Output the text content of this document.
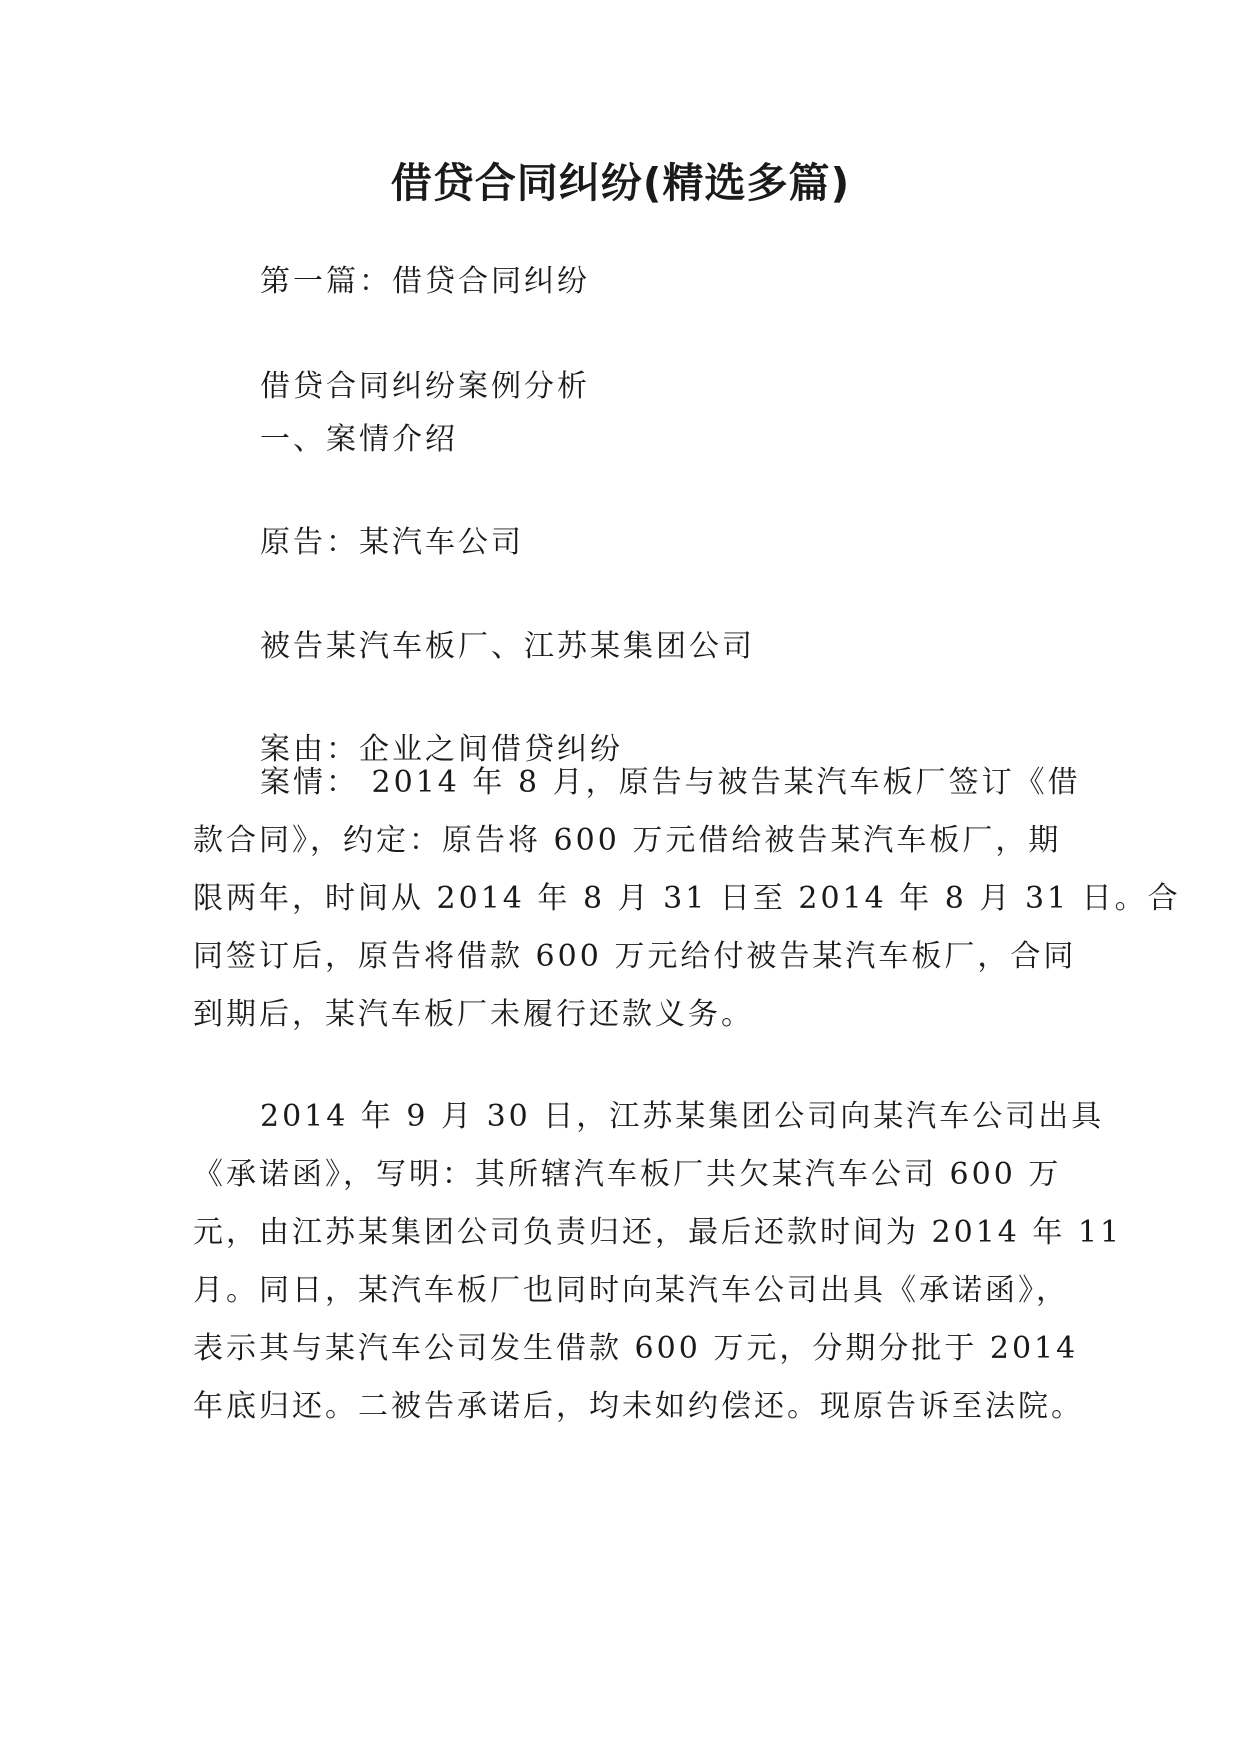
借贷合同纠纷(精选多篇)

第一篇：借贷合同纠纷

借贷合同纠纷案例分析

一、案情介绍

原告：某汽车公司

被告某汽车板厂、江苏某集团公司

案由：企业之间借贷纠纷

案情： 2014 年 8 月，原告与被告某汽车板厂签订《借
款合同》，约定：原告将 600 万元借给被告某汽车板厂，期
限两年，时间从 2014 年 8 月 31 日至 2014 年 8 月 31 日。合
同签订后，原告将借款 600 万元给付被告某汽车板厂，合同
到期后，某汽车板厂未履行还款义务。
2014 年 9 月 30 日，江苏某集团公司向某汽车公司出具
《承诺函》，写明：其所辖汽车板厂共欠某汽车公司 600 万
元，由江苏某集团公司负责归还，最后还款时间为 2014 年 11
月。同日，某汽车板厂也同时向某汽车公司出具《承诺函》，
表示其与某汽车公司发生借款 600 万元，分期分批于 2014
年底归还。二被告承诺后，均未如约偿还。现原告诉至法院。
